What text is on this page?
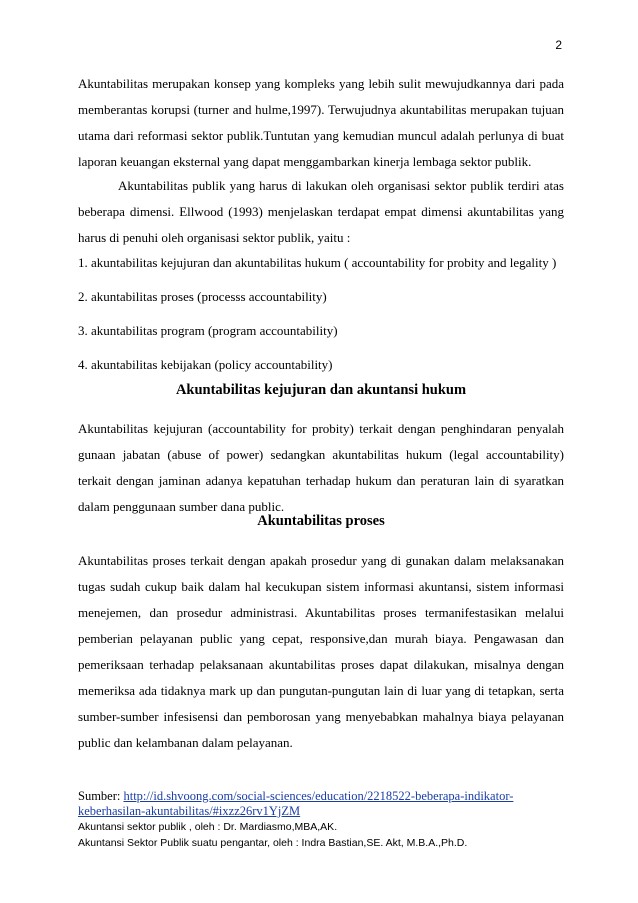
2

Akuntabilitas merupakan konsep yang kompleks yang lebih sulit mewujudkannya dari pada memberantas korupsi (turner and hulme,1997). Terwujudnya akuntabilitas merupakan tujuan utama dari reformasi sektor publik.Tuntutan yang kemudian muncul adalah perlunya di buat laporan keuangan eksternal yang dapat menggambarkan kinerja lembaga sektor publik.

Akuntabilitas publik yang harus di lakukan oleh organisasi sektor publik terdiri atas beberapa dimensi. Ellwood (1993) menjelaskan terdapat empat dimensi akuntabilitas yang harus di penuhi oleh organisasi sektor publik, yaitu :

1. akuntabilitas kejujuran dan akuntabilitas hukum ( accountability for probity and legality )
2. akuntabilitas proses (processs accountability)
3. akuntabilitas program (program accountability)
4. akuntabilitas kebijakan (policy accountability)
Akuntabilitas kejujuran dan akuntansi hukum

Akuntabilitas kejujuran (accountability for probity) terkait dengan penghindaran penyalah gunaan jabatan (abuse of power) sedangkan akuntabilitas hukum (legal accountability) terkait dengan jaminan adanya kepatuhan terhadap hukum dan peraturan lain di syaratkan dalam penggunaan sumber dana public.

Akuntabilitas proses

Akuntabilitas proses terkait dengan apakah prosedur yang di gunakan dalam melaksanakan tugas sudah cukup baik dalam hal kecukupan sistem informasi akuntansi, sistem informasi menejemen, dan prosedur administrasi. Akuntabilitas proses termanifestasikan melalui pemberian pelayanan public yang cepat, responsive,dan murah biaya. Pengawasan dan pemeriksaan terhadap pelaksanaan akuntabilitas proses dapat dilakukan, misalnya dengan memeriksa ada tidaknya mark up dan pungutan-pungutan lain di luar yang di tetapkan, serta sumber-sumber infesisensi dan pemborosan yang menyebabkan mahalnya biaya pelayanan public dan kelambanan dalam pelayanan.

Sumber: http://id.shvoong.com/social-sciences/education/2218522-beberapa-indikator-keberhasilan-akuntabilitas/#ixzz26rv1YjZM
Akuntansi sektor publik , oleh : Dr. Mardiasmo,MBA,AK.
Akuntansi Sektor Publik suatu pengantar, oleh : Indra Bastian,SE. Akt, M.B.A.,Ph.D.
